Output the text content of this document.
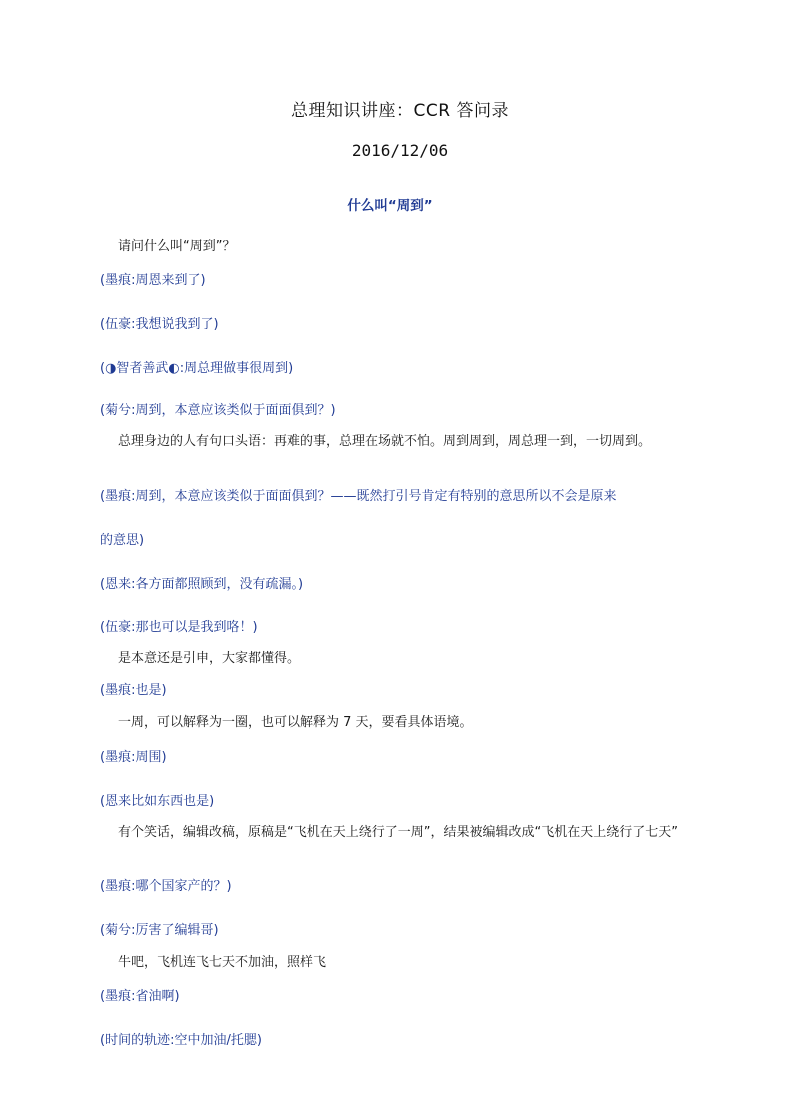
总理知识讲座：CCR 答问录
2016/12/06
什么叫“周到”
请问什么叫“周到”？
(墨痕:周恩来到了)
(伍豪:我想说我到了)
(◑智者善武◐:周总理做事很周到)
(菊兮:周到，本意应该类似于面面俱到？)
总理身边的人有句口头语：再难的事，总理在场就不怕。周到周到，周总理一到，一切周到。
(墨痕:周到，本意应该类似于面面俱到？——既然打引号肯定有特别的意思所以不会是原来
的意思)
(恩来:各方面都照顾到，没有疏漏。)
(伍豪:那也可以是我到咯！)
是本意还是引申，大家都懂得。
(墨痕:也是)
一周，可以解释为一圈，也可以解释为 7 天，要看具体语境。
(墨痕:周围)
(恩来比如东西也是)
有个笑话，编辑改稿，原稿是“飞机在天上绕行了一周”，结果被编辑改成“飞机在天上绕行了七天”
(墨痕:哪个国家产的？)
(菊兮:厉害了编辑哥)
牛吧，飞机连飞七天不加油，照样飞
(墨痕:省油啊)
(时间的轨迹:空中加油/托腮)
